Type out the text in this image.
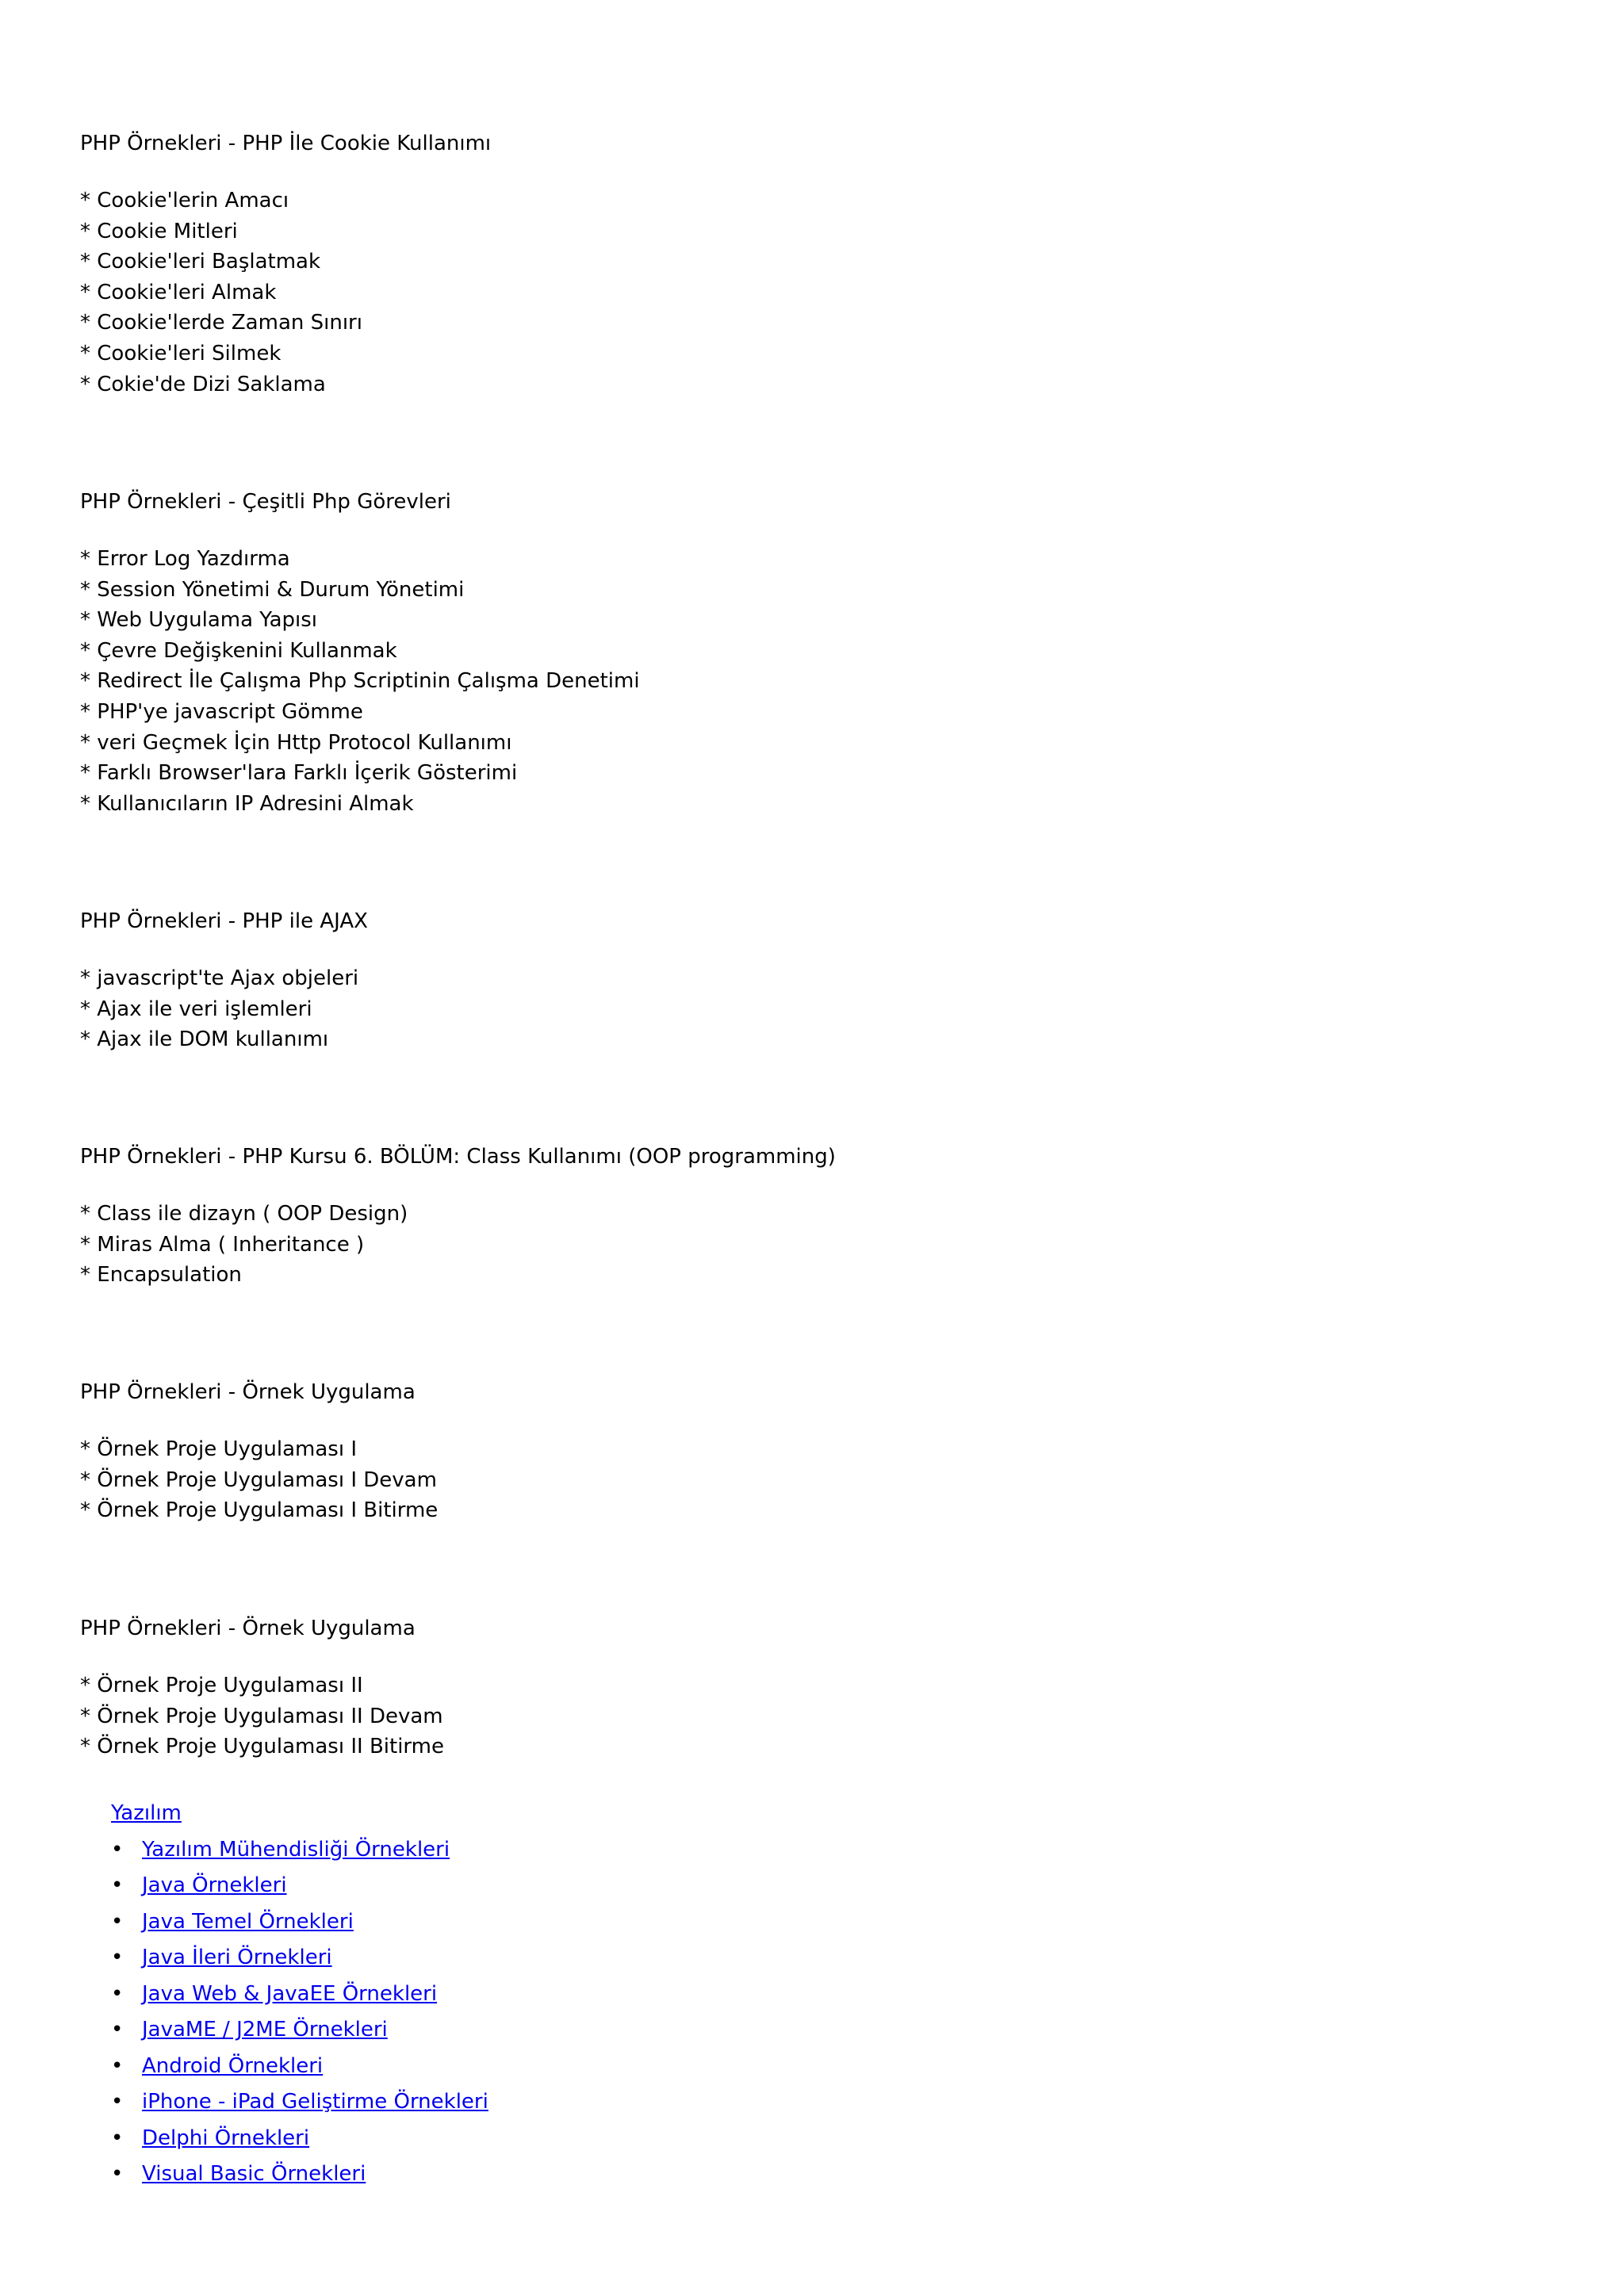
PHP Örnekleri - PHP İle Cookie Kullanımı
* Cookie'lerin Amacı
* Cookie Mitleri
* Cookie'leri Başlatmak
* Cookie'leri Almak
* Cookie'lerde Zaman Sınırı
* Cookie'leri Silmek
* Cokie'de Dizi Saklama
PHP Örnekleri - Çeşitli Php Görevleri
* Error Log Yazdırma
* Session Yönetimi & Durum Yönetimi
* Web Uygulama Yapısı
* Çevre Değişkenini Kullanmak
* Redirect İle Çalışma Php Scriptinin Çalışma Denetimi
* PHP'ye javascript Gömme
* veri Geçmek İçin Http Protocol Kullanımı
* Farklı Browser'lara Farklı İçerik Gösterimi
* Kullanıcıların IP Adresini Almak
PHP Örnekleri - PHP ile AJAX
* javascript'te Ajax objeleri
* Ajax ile veri işlemleri
* Ajax ile DOM kullanımı
PHP Örnekleri - PHP Kursu 6. BÖLÜM: Class Kullanımı (OOP programming)
* Class ile dizayn ( OOP Design)
* Miras Alma ( Inheritance )
* Encapsulation
PHP Örnekleri - Örnek Uygulama
* Örnek Proje Uygulaması I
* Örnek Proje Uygulaması I Devam
* Örnek Proje Uygulaması I Bitirme
PHP Örnekleri - Örnek Uygulama
* Örnek Proje Uygulaması II
* Örnek Proje Uygulaması II Devam
* Örnek Proje Uygulaması II Bitirme
Yazılım
• Yazılım Mühendisliği Örnekleri
• Java Örnekleri
• Java Temel Örnekleri
• Java İleri Örnekleri
• Java Web & JavaEE Örnekleri
• JavaME / J2ME Örnekleri
• Android Örnekleri
• iPhone - iPad Geliştirme Örnekleri
• Delphi Örnekleri
• Visual Basic Örnekleri
